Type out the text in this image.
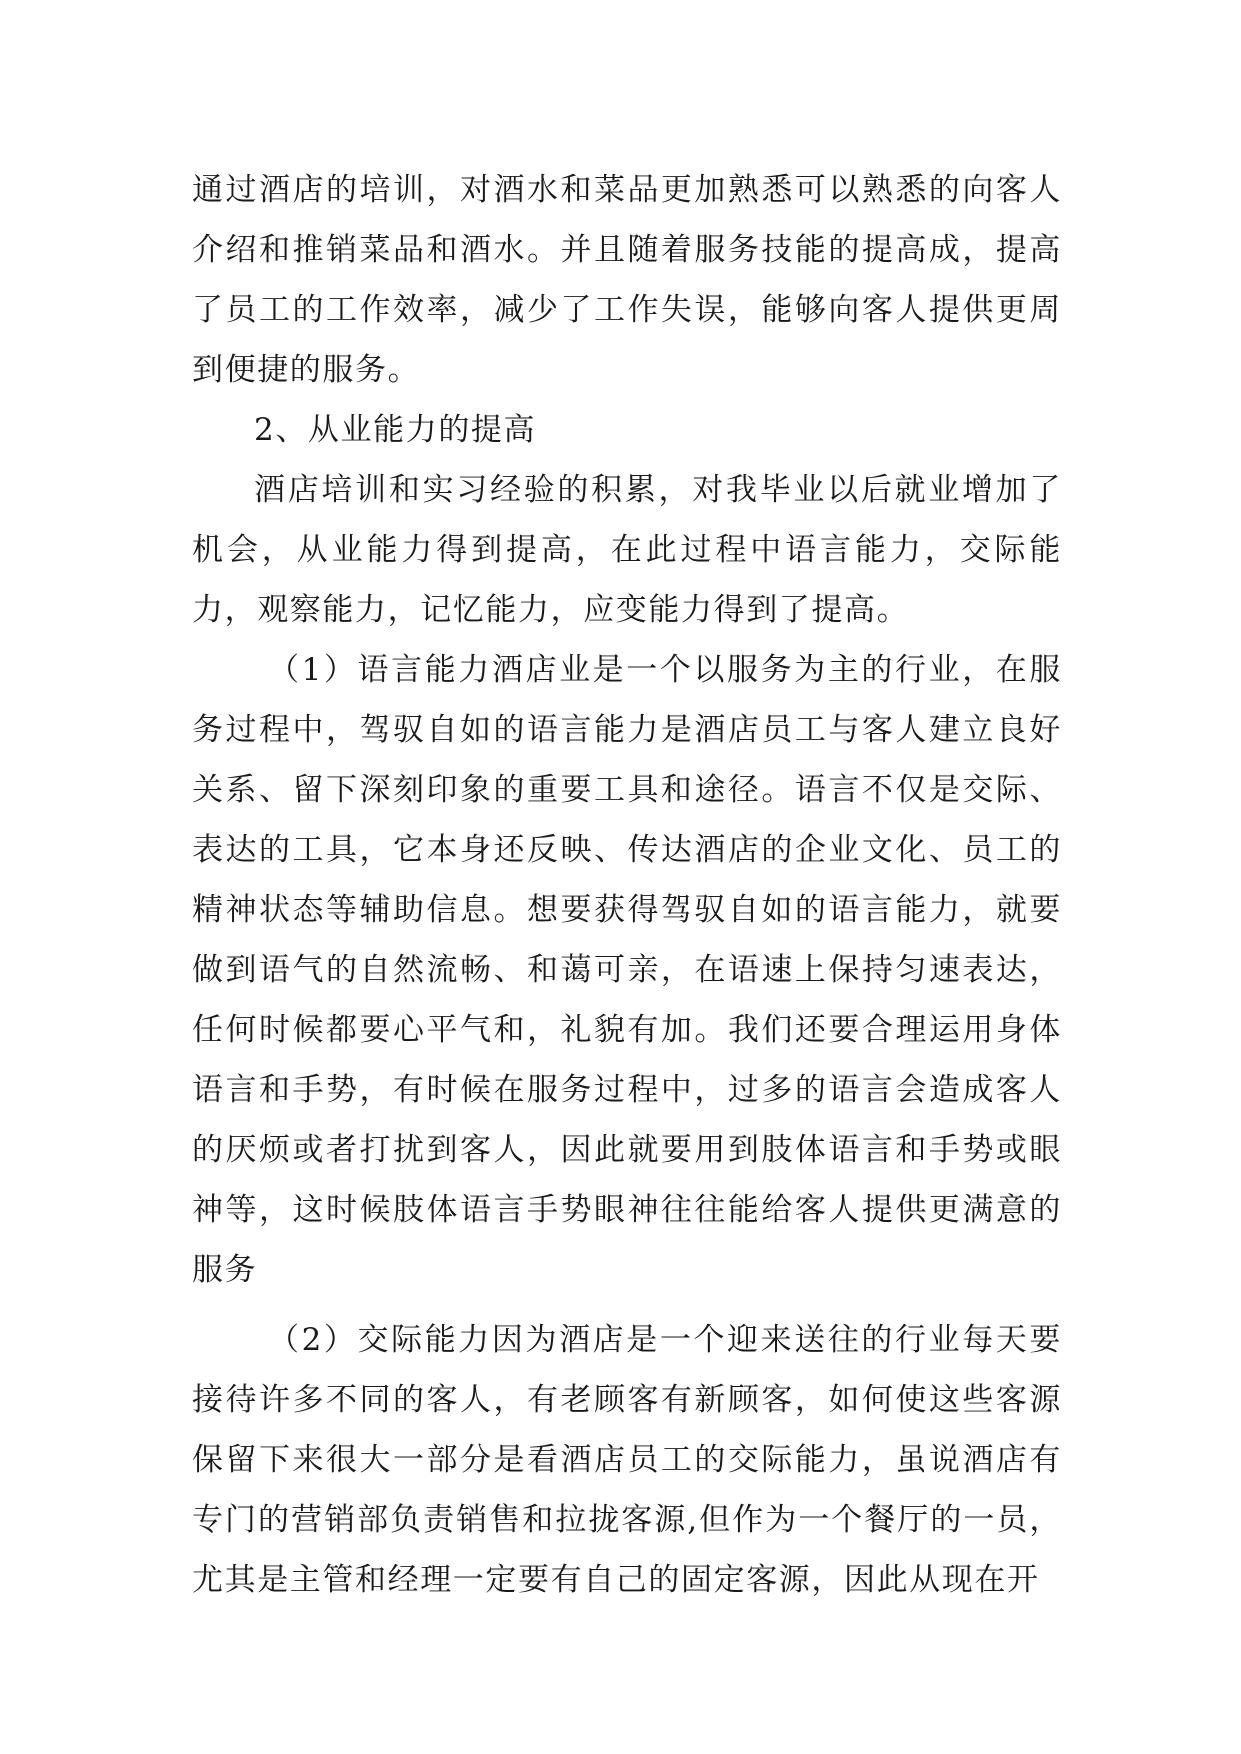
通过酒店的培训，对酒水和菜品更加熟悉可以熟悉的向客人介绍和推销菜品和酒水。并且随着服务技能的提高成，提高了员工的工作效率，减少了工作失误，能够向客人提供更周到便捷的服务。

2、从业能力的提高

酒店培训和实习经验的积累，对我毕业以后就业增加了机会，从业能力得到提高，在此过程中语言能力，交际能力，观察能力，记忆能力，应变能力得到了提高。

（1）语言能力酒店业是一个以服务为主的行业，在服务过程中，驾驭自如的语言能力是酒店员工与客人建立良好关系、留下深刻印象的重要工具和途径。语言不仅是交际、表达的工具，它本身还反映、传达酒店的企业文化、员工的精神状态等辅助信息。想要获得驾驭自如的语言能力，就要做到语气的自然流畅、和蔼可亲，在语速上保持匀速表达，任何时候都要心平气和，礼貌有加。我们还要合理运用身体语言和手势，有时候在服务过程中，过多的语言会造成客人的厌烦或者打扰到客人，因此就要用到肢体语言和手势或眼神等，这时候肢体语言手势眼神往往能给客人提供更满意的服务

（2）交际能力因为酒店是一个迎来送往的行业每天要接待许多不同的客人，有老顾客有新顾客，如何使这些客源保留下来很大一部分是看酒店员工的交际能力，虽说酒店有专门的营销部负责销售和拉拢客源,但作为一个餐厅的一员，尤其是主管和经理一定要有自己的固定客源，因此从现在开
